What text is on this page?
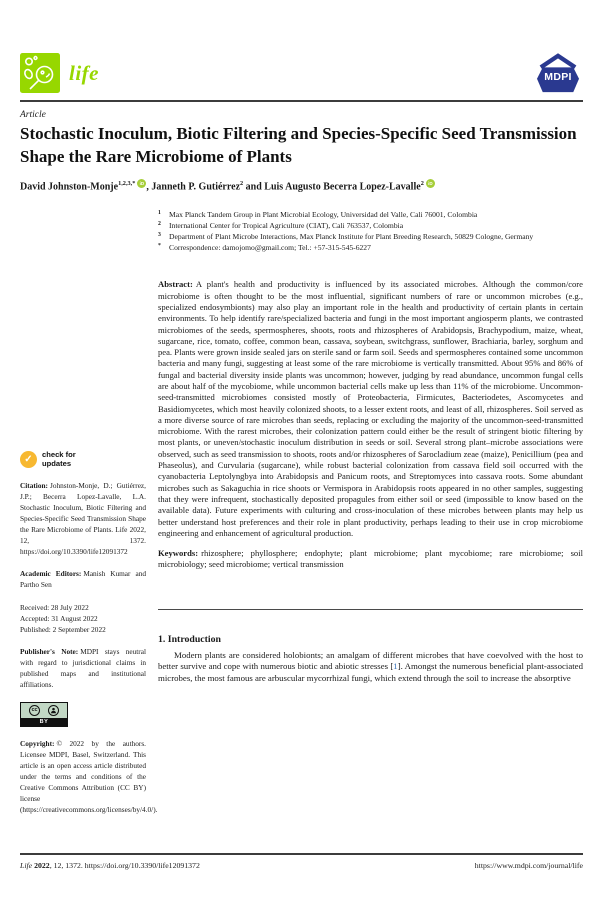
life	MDPI
Article
Stochastic Inoculum, Biotic Filtering and Species-Specific Seed Transmission Shape the Rare Microbiome of Plants

David Johnston-Monje$^{1,2,3,*}$ iD , Janneth P. Gutiérrez$^2$ and Luis Augusto Becerra Lopez-Lavalle$^2$ iD

✓	check for
updates

Citation: Johnston-Monje, D.; Gutiérrez, J.P.; Becerra Lopez-Lavalle, L.A. Stochastic Inoculum, Biotic Filtering and Species-Specific Seed Transmission Shape the Rare Microbiome of Plants. Life 2022, 12, 1372. https://doi.org/10.3390/life12091372

Academic Editors: Manish Kumar and Partho Sen

Received: 28 July 2022
Accepted: 31 August 2022
Published: 2 September 2022

Publisher's Note: MDPI stays neutral with regard to jurisdictional claims in published maps and institutional affiliations.

cc
BY

Copyright: © 2022 by the authors. Licensee MDPI, Basel, Switzerland. This article is an open access article distributed under the terms and conditions of the Creative Commons Attribution (CC BY) license (https://creativecommons.org/licenses/by/4.0/).

1	Max Planck Tandem Group in Plant Microbial Ecology, Universidad del Valle, Cali 76001, Colombia
2	International Center for Tropical Agriculture (CIAT), Cali 763537, Colombia
3	Department of Plant Microbe Interactions, Max Planck Institute for Plant Breeding Research, 50829 Cologne, Germany
*	Correspondence: damojomo@gmail.com; Tel.: +57-315-545-6227

Abstract: A plant's health and productivity is influenced by its associated microbes. Although the common/core microbiome is often thought to be the most influential, significant numbers of rare or uncommon microbes (e.g., specialized endosymbionts) may also play an important role in the health and productivity of certain plants in certain environments. To help identify rare/specialized bacteria and fungi in the most important angiosperm plants, we contrasted microbiomes of the seeds, spermospheres, shoots, roots and rhizospheres of Arabidopsis, Brachypodium, maize, wheat, sugarcane, rice, tomato, coffee, common bean, cassava, soybean, switchgrass, sunflower, Brachiaria, barley, sorghum and pea. Plants were grown inside sealed jars on sterile sand or farm soil. Seeds and spermospheres contained some uncommon bacteria and many fungi, suggesting at least some of the rare microbiome is vertically transmitted. About 95% and 86% of fungal and bacterial diversity inside plants was uncommon; however, judging by read abundance, uncommon fungal cells are about half of the mycobiome, while uncommon bacterial cells make up less than 11% of the microbiome. Uncommon-seed-transmitted microbiomes consisted mostly of Proteobacteria, Firmicutes, Bacteriodetes, Ascomycetes and Basidiomycetes, which most heavily colonized shoots, to a lesser extent roots, and least of all, rhizospheres. Soil served as a more diverse source of rare microbes than seeds, replacing or excluding the majority of the uncommon-seed-transmitted microbiome. With the rarest microbes, their colonization pattern could either be the result of stringent biotic filtering by most plants, or uneven/stochastic inoculum distribution in seeds or soil. Several strong plant–microbe associations were observed, such as seed transmission to shoots, roots and/or rhizospheres of Sarocladium zeae (maize), Penicillium (pea and Phaseolus), and Curvularia (sugarcane), while robust bacterial colonization from cassava field soil occurred with the cyanobacteria Leptolyngbya into Arabidopsis and Panicum roots, and Streptomyces into cassava roots. Some abundant microbes such as Sakaguchia in rice shoots or Vermispora in Arabidopsis roots appeared in no other samples, suggesting that they were infrequent, stochastically deposited propagules from either soil or seed (impossible to know based on the available data). Future experiments with culturing and cross-inoculation of these microbes between plants may help us better understand host preferences and their role in plant productivity, perhaps leading to their use in crop microbiome engineering and enhancement of agricultural production.

Keywords: rhizosphere; phyllosphere; endophyte; plant microbiome; plant mycobiome; rare microbiome; soil microbiology; seed microbiome; vertical transmission

1. Introduction

Modern plants are considered holobionts; an amalgam of different microbes that have coevolved with the host to better survive and cope with numerous biotic and abiotic stresses [1]. Amongst the numerous beneficial plant-associated microbes, the most famous are arbuscular mycorrhizal fungi, which extend through the soil to increase the absorptive

Life 2022, 12, 1372. https://doi.org/10.3390/life12091372	https://www.mdpi.com/journal/life
